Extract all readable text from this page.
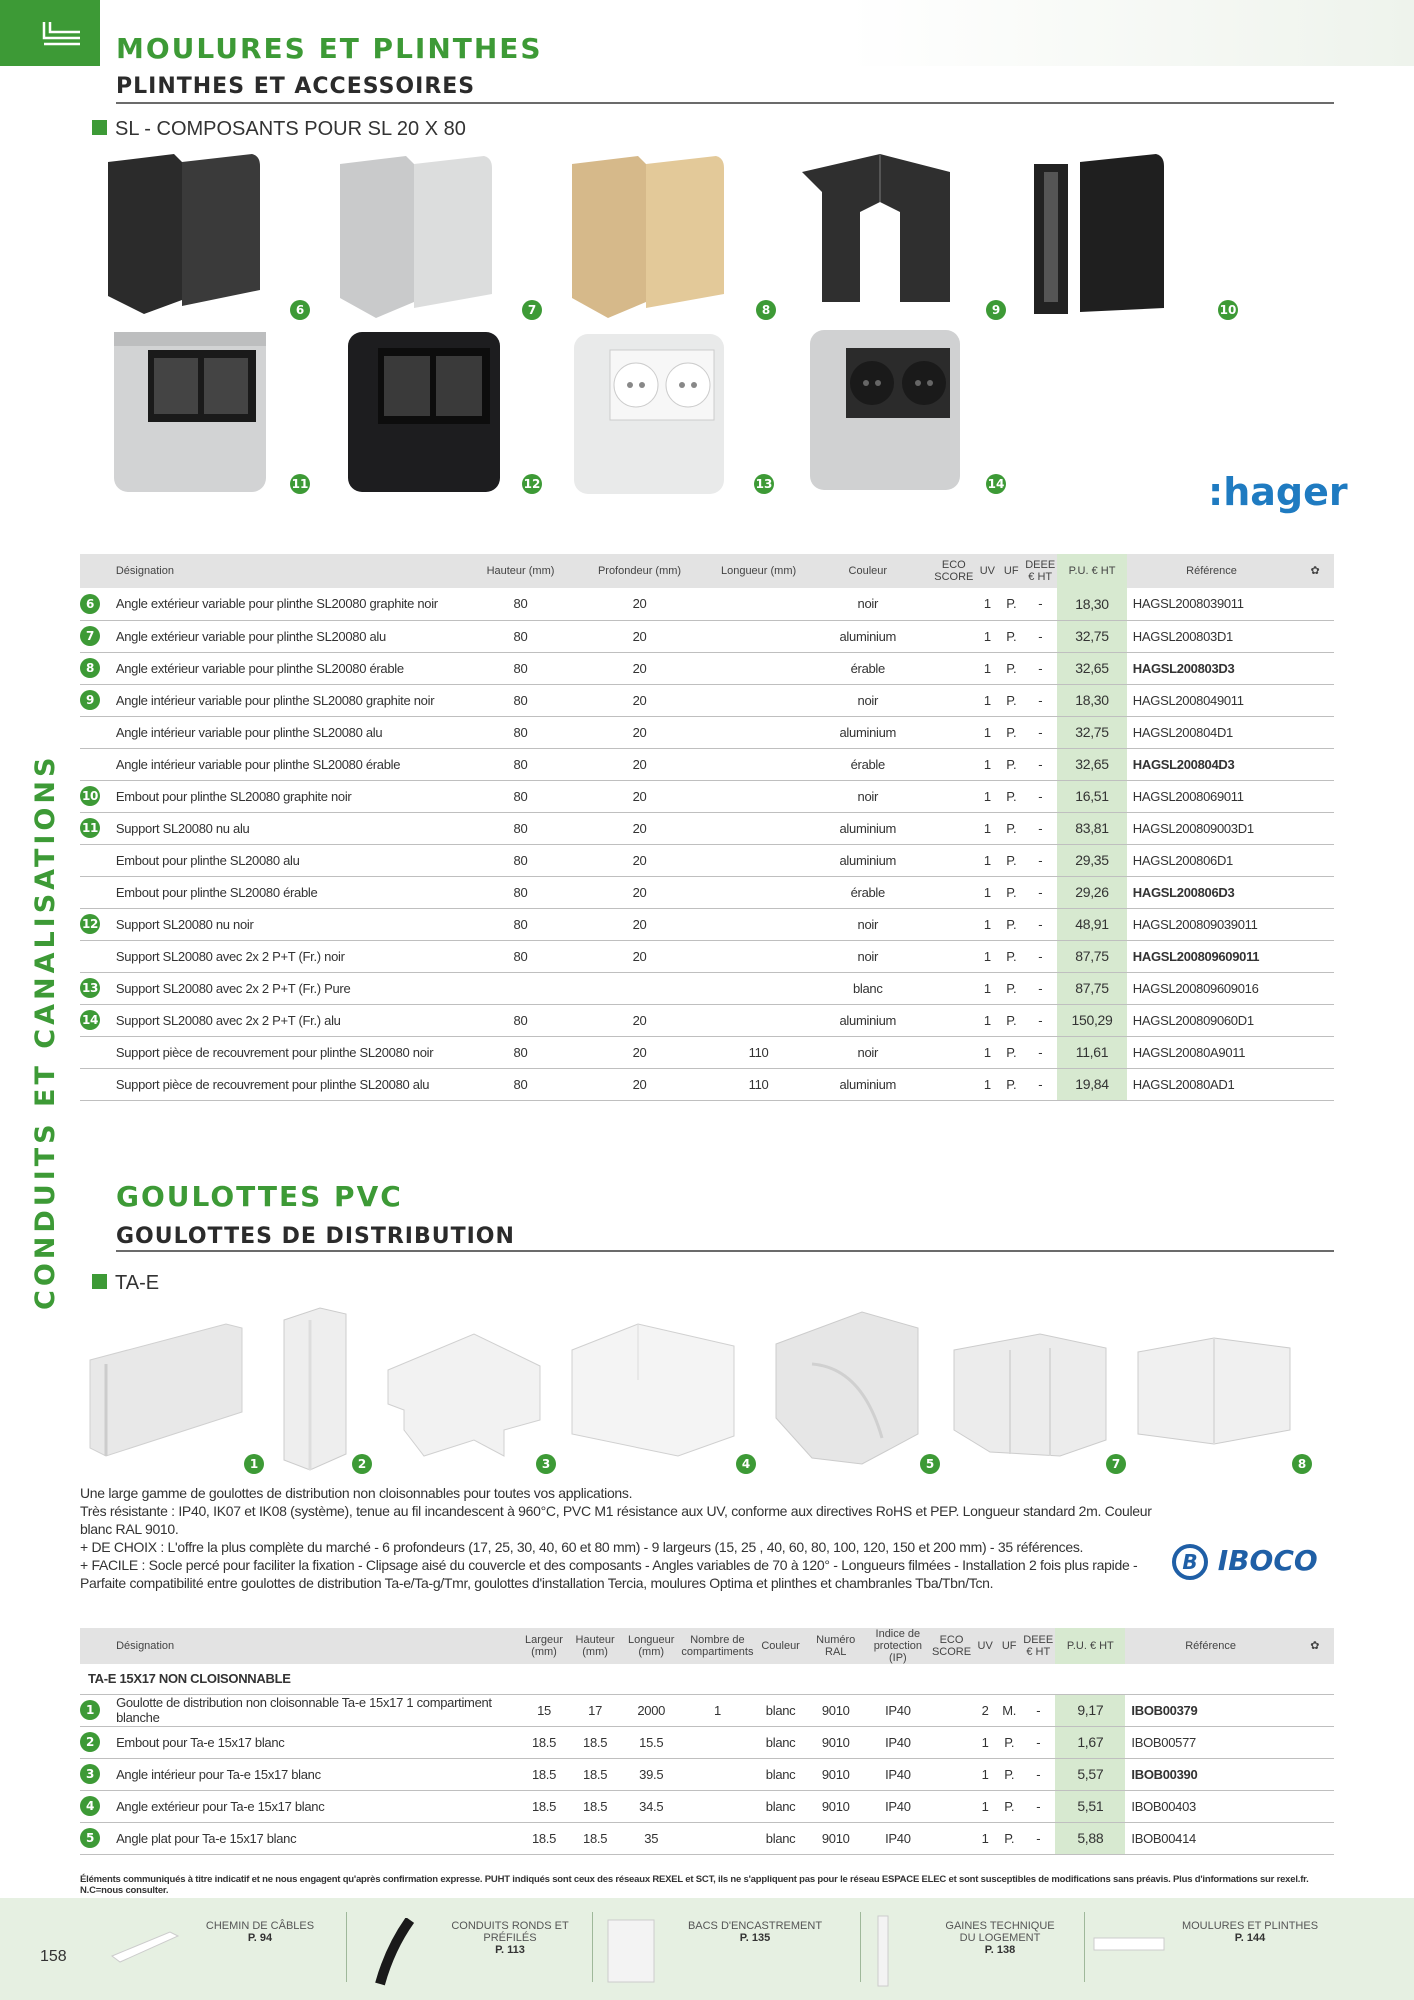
MOULURES ET PLINTHES
PLINTHES ET ACCESSOIRES
SL - COMPOSANTS POUR SL 20 X 80
CONDUITS ET CANALISATIONS
6	7	8	9	10
11	12	13	14	:hager
	Désignation	Hauteur (mm)	Profondeur (mm)	Longueur (mm)	Couleur	ECO SCORE	UV	UF	DEEE € HT	P.U. € HT	Référence	✿
6	Angle extérieur variable pour plinthe SL20080 graphite noir	80	20		noir		1	P.	-	18,30	HAGSL2008039011	
7	Angle extérieur variable pour plinthe SL20080 alu	80	20		aluminium		1	P.	-	32,75	HAGSL200803D1	
8	Angle extérieur variable pour plinthe SL20080 érable	80	20		érable		1	P.	-	32,65	HAGSL200803D3	
9	Angle intérieur variable pour plinthe SL20080 graphite noir	80	20		noir		1	P.	-	18,30	HAGSL2008049011	
	Angle intérieur variable pour plinthe SL20080 alu	80	20		aluminium		1	P.	-	32,75	HAGSL200804D1	
	Angle intérieur variable pour plinthe SL20080 érable	80	20		érable		1	P.	-	32,65	HAGSL200804D3	
10	Embout pour plinthe SL20080 graphite noir	80	20		noir		1	P.	-	16,51	HAGSL2008069011	
11	Support SL20080 nu alu	80	20		aluminium		1	P.	-	83,81	HAGSL200809003D1	
	Embout pour plinthe SL20080 alu	80	20		aluminium		1	P.	-	29,35	HAGSL200806D1	
	Embout pour plinthe SL20080 érable	80	20		érable		1	P.	-	29,26	HAGSL200806D3	
12	Support SL20080 nu noir	80	20		noir		1	P.	-	48,91	HAGSL200809039011	
	Support SL20080 avec 2x 2 P+T (Fr.) noir	80	20		noir		1	P.	-	87,75	HAGSL200809609011	
13	Support SL20080 avec 2x 2 P+T (Fr.) Pure				blanc		1	P.	-	87,75	HAGSL200809609016	
14	Support SL20080 avec 2x 2 P+T (Fr.) alu	80	20		aluminium		1	P.	-	150,29	HAGSL200809060D1	
	Support pièce de recouvrement pour plinthe SL20080 noir	80	20	110	noir		1	P.	-	11,61	HAGSL20080A9011	
	Support pièce de recouvrement pour plinthe SL20080 alu	80	20	110	aluminium		1	P.	-	19,84	HAGSL20080AD1	
GOULOTTES PVC
GOULOTTES DE DISTRIBUTION
TA-E
1	2	3	4	5	7	8
Une large gamme de goulottes de distribution non cloisonnables pour toutes vos applications.
Très résistante : IP40, IK07 et IK08 (système), tenue au fil incandescent à 960°C, PVC M1 résistance aux UV, conforme aux directives RoHS et PEP. Longueur standard 2m. Couleur blanc RAL 9010.
+ DE CHOIX : L'offre la plus complète du marché - 6 profondeurs (17, 25, 30, 40, 60 et 80 mm) - 9 largeurs (15, 25 , 40, 60, 80, 100, 120, 150 et 200 mm) - 35 références.
+ FACILE : Socle percé pour faciliter la fixation - Clipsage aisé du couvercle et des composants - Angles variables de 70 à 120° - Longueurs filmées - Installation 2 fois plus rapide - Parfaite compatibilité entre goulottes de distribution Ta-e/Ta-g/Tmr, goulottes d'installation Tercia, moulures Optima et plinthes et chambranles Tba/Tbn/Tcn.
B IBOCO
	Désignation	Largeur (mm)	Hauteur (mm)	Longueur (mm)	Nombre de compartiments	Couleur	Numéro RAL	Indice de protection (IP)	ECO SCORE	UV	UF	DEEE € HT	P.U. € HT	Référence	✿
TA-E 15X17 NON CLOISONNABLE															
1	Goulotte de distribution non cloisonnable Ta-e 15x17 1 compartiment blanche	15	17	2000	1	blanc	9010	IP40		2	M.	-	9,17	IBOB00379	
2	Embout pour Ta-e 15x17 blanc	18.5	18.5	15.5		blanc	9010	IP40		1	P.	-	1,67	IBOB00577	
3	Angle intérieur pour Ta-e 15x17 blanc	18.5	18.5	39.5		blanc	9010	IP40		1	P.	-	5,57	IBOB00390	
4	Angle extérieur pour Ta-e 15x17 blanc	18.5	18.5	34.5		blanc	9010	IP40		1	P.	-	5,51	IBOB00403	
5	Angle plat pour Ta-e 15x17 blanc	18.5	18.5	35		blanc	9010	IP40		1	P.	-	5,88	IBOB00414	
Éléments communiqués à titre indicatif et ne nous engagent qu'après confirmation expresse. PUHT indiqués sont ceux des réseaux REXEL et SCT, ils ne s'appliquent pas pour le réseau ESPACE ELEC et sont susceptibles de modifications sans préavis. Plus d'informations sur rexel.fr. N.C=nous consulter.
CHEMIN DE CÂBLES
P. 94
CONDUITS RONDS ET PRÉFILÉS
P. 113
BACS D'ENCASTREMENT
P. 135
GAINES TECHNIQUE DU LOGEMENT
P. 138
MOULURES ET PLINTHES
P. 144
158
